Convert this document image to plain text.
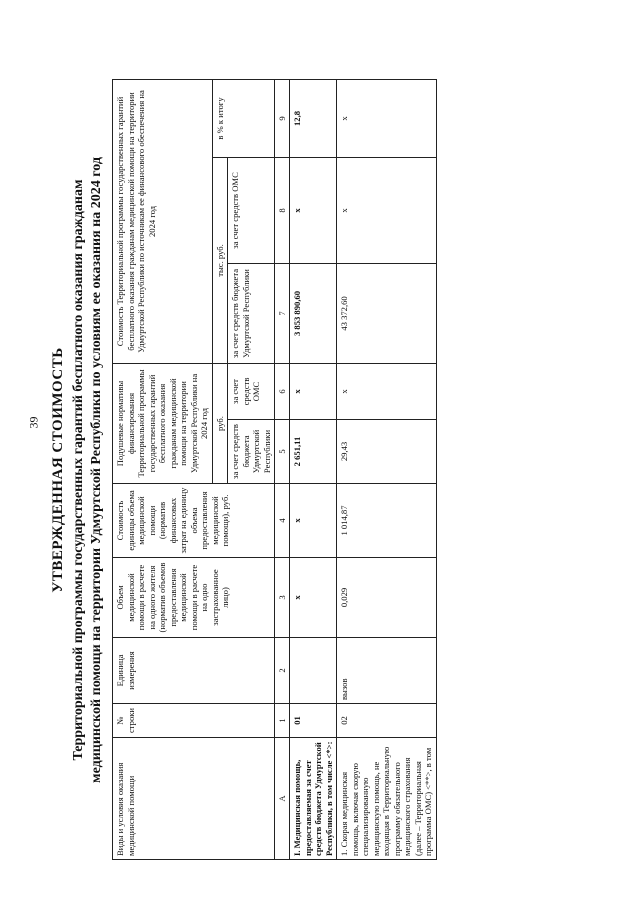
39 УТВЕРЖДЕННАЯ СТОИМОСТЬ Территориальной программы государственных гарантий бесплатного оказания гражданам медицинской помощи на территории Удмуртской Республики по условиям ее оказания на 2024 год
Виды и условия оказания медицинской помощи	№ строки	Единица измерения	Объем медицинской помощи в расчете на одного жителя (норматив объемов предоставления медицинской помощи в расчете на одно застрахованное лицо)	Стоимость единицы объема медицинской помощи (норматив финансовых затрат на единицу объема предоставления медицинской помощи), руб.	Подушевые нормативы финансирования Территориальной программы государственных гарантий бесплатного оказания гражданам медицинской помощи на территории Удмуртской Республики на 2024 год		Стоимость Территориальной программы государственных гарантий бесплатного оказания гражданам медицинской помощи на территории Удмуртской Республики по источникам ее финансового обеспечения на 2024 год		
					руб.		тыс. руб.		в % к итогу
					за счет средств бюджета Удмуртской Республики	за счет средств ОМС	за счет средств бюджета Удмуртской Республики	за счет средств ОМС	
А	1	2	3	4	5	6	7	8	9
I. Медицинская помощь, предоставляемая за счет средств бюджета Удмуртской Республики, в том числе <*>:	01		х	х	2 651,11	х	3 853 890,60	х	12,8
1. Скорая медицинская помощь, включая скорую специализированную медицинскую помощь, не входящая в Территориальную программу обязательного медицинского страхования (далее – Территориальная программа ОМС) <**>, в том	02	вызов	0,029	1 014,87	29,43	х	43 372,60	х	х
